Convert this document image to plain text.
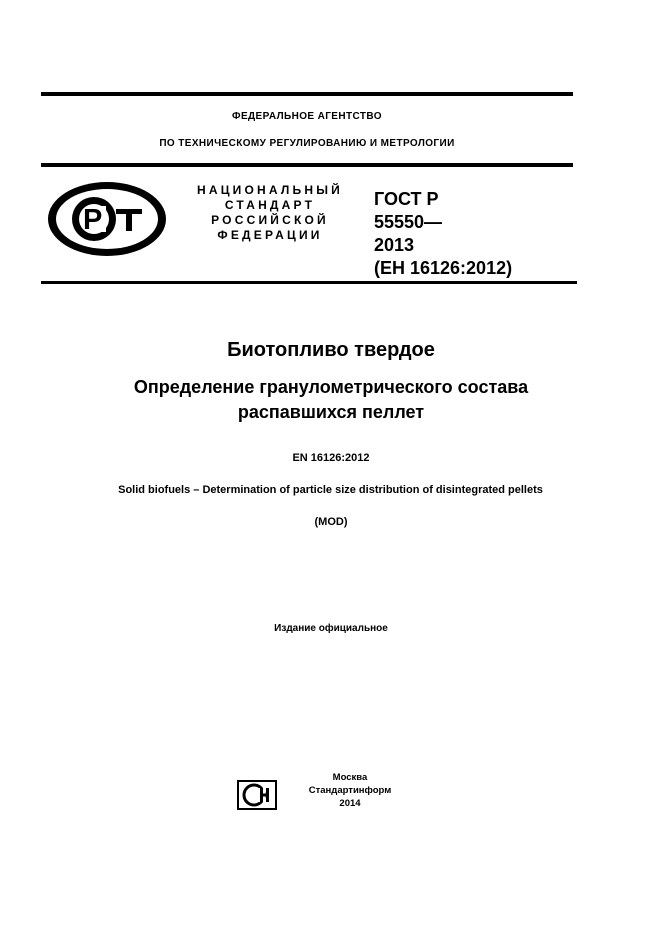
ФЕДЕРАЛЬНОЕ АГЕНТСТВО
ПО ТЕХНИЧЕСКОМУ РЕГУЛИРОВАНИЮ И МЕТРОЛОГИИ
P
НАЦИОНАЛЬНЫЙ
СТАНДАРТ
РОССИЙСКОЙ
ФЕДЕРАЦИИ
ГОСТ Р
55550—
2013
(ЕН 16126:2012)
Биотопливо твердое
Определение гранулометрического состава
распавшихся пеллет
EN 16126:2012
Solid biofuels – Determination of particle size distribution of disintegrated pellets
(MOD)
Издание официальное
Москва
Стандартинформ
2014
